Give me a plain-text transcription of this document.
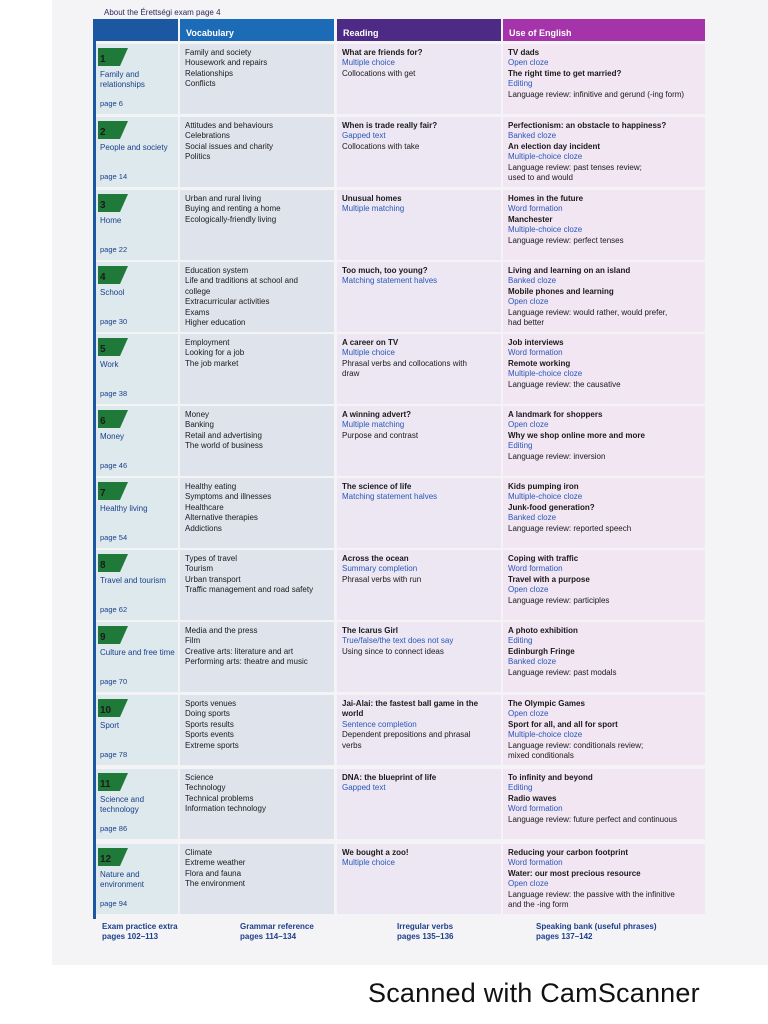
About the Érettségi exam page 4
Vocabulary	Reading	Use of English
1
Family and relationships
page 6
Family and society
Housework and repairs
Relationships
Conflicts
What are friends for?
Multiple choice
Collocations with get
TV dads
Open cloze
The right time to get married?
Editing
Language review: infinitive and gerund (-ing form)
2
People and society
page 14
Attitudes and behaviours
Celebrations
Social issues and charity
Politics
When is trade really fair?
Gapped text
Collocations with take
Perfectionism: an obstacle to happiness?
Banked cloze
An election day incident
Multiple-choice cloze
Language review: past tenses review;
used to and would
3
Home
page 22
Urban and rural living
Buying and renting a home
Ecologically-friendly living
Unusual homes
Multiple matching
Homes in the future
Word formation
Manchester
Multiple-choice cloze
Language review: perfect tenses
4
School
page 30
Education system
Life and traditions at school and
college
Extracurricular activities
Exams
Higher education
Too much, too young?
Matching statement halves
Living and learning on an island
Banked cloze
Mobile phones and learning
Open cloze
Language review: would rather, would prefer,
had better
5
Work
page 38
Employment
Looking for a job
The job market
A career on TV
Multiple choice
Phrasal verbs and collocations with
draw
Job interviews
Word formation
Remote working
Multiple-choice cloze
Language review: the causative
6
Money
page 46
Money
Banking
Retail and advertising
The world of business
A winning advert?
Multiple matching
Purpose and contrast
A landmark for shoppers
Open cloze
Why we shop online more and more
Editing
Language review: inversion
7
Healthy living
page 54
Healthy eating
Symptoms and illnesses
Healthcare
Alternative therapies
Addictions
The science of life
Matching statement halves
Kids pumping iron
Multiple-choice cloze
Junk-food generation?
Banked cloze
Language review: reported speech
8
Travel and tourism
page 62
Types of travel
Tourism
Urban transport
Traffic management and road safety
Across the ocean
Summary completion
Phrasal verbs with run
Coping with traffic
Word formation
Travel with a purpose
Open cloze
Language review: participles
9
Culture and free time
page 70
Media and the press
Film
Creative arts: literature and art
Performing arts: theatre and music
The Icarus Girl
True/false/the text does not say
Using since to connect ideas
A photo exhibition
Editing
Edinburgh Fringe
Banked cloze
Language review: past modals
10
Sport
page 78
Sports venues
Doing sports
Sports results
Sports events
Extreme sports
Jai-Alai: the fastest ball game in the
world
Sentence completion
Dependent prepositions and phrasal
verbs
The Olympic Games
Open cloze
Sport for all, and all for sport
Multiple-choice cloze
Language review: conditionals review;
mixed conditionals
11
Science and technology
page 86
Science
Technology
Technical problems
Information technology
DNA: the blueprint of life
Gapped text
To infinity and beyond
Editing
Radio waves
Word formation
Language review: future perfect and continuous
12
Nature and environment
page 94
Climate
Extreme weather
Flora and fauna
The environment
We bought a zoo!
Multiple choice
Reducing your carbon footprint
Word formation
Water: our most precious resource
Open cloze
Language review: the passive with the infinitive
and the -ing form
Exam practice extra
pages 102–113
Grammar reference
pages 114–134
Irregular verbs
pages 135–136
Speaking bank (useful phrases)
pages 137–142
Scanned with CamScanner
